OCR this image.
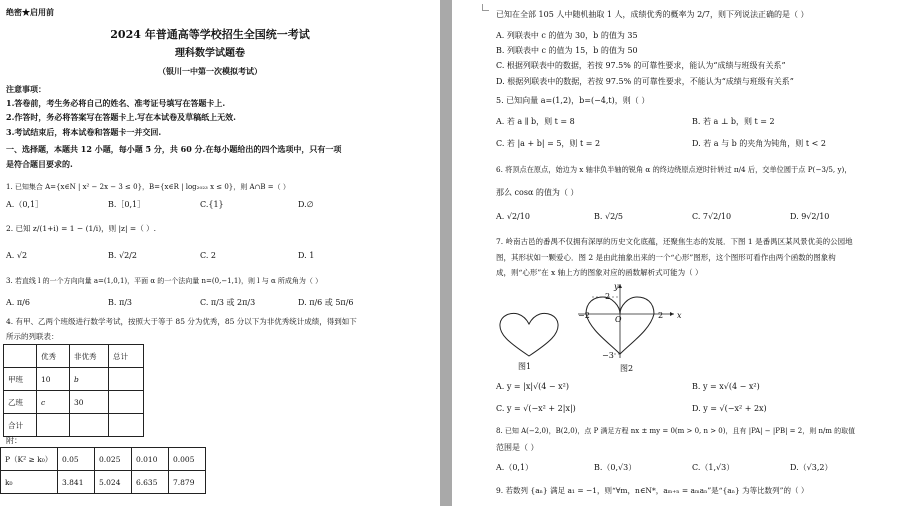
绝密★启用前
2024 年普通高等学校招生全国统一考试
理科数学试题卷
（银川一中第一次模拟考试）
注意事项：
1.答卷前，考生务必将自己的姓名、准考证号填写在答题卡上.
2.作答时，务必将答案写在答题卡上.写在本试卷及草稿纸上无效.
3.考试结束后，将本试卷和答题卡一并交回.
一、选择题，本题共 12 小题，每小题 5 分，共 60 分.在每小题给出的四个选项中，只有一项
是符合题目要求的.
1. 已知集合 A={x∈N | x² − 2x − 3 ≤ 0}，B={x∈R | log₂₀₂₃ x ≤ 0}，则 A∩B =（ ）
A.（0,1］	B.［0,1］	C.{1}	D.∅
2. 已知 z/(1+i) = 1 − (1/i)，则 |z| =（ ）.
A. √2	B. √2/2	C. 2	D. 1
3. 若直线 l 的一个方向向量 a=(1,0,1)，平面 α 的一个法向量 n=(0,−1,1)，则 l 与 α 所成角为（ ）
A. π/6	B. π/3	C. π/3 或 2π/3	D. π/6 或 5π/6
4. 有甲、乙两个班级进行数学考试，按照大于等于 85 分为优秀，85 分以下为非优秀统计成绩，得到如下
所示的列联表：
	优秀	非优秀	总计
甲班	10	b	
乙班	c	30	
合计			
附：
P（K² ≥ k₀）	0.05	0.025	0.010	0.005
k₀	3.841	5.024	6.635	7.879
已知在全部 105 人中随机抽取 1 人，成绩优秀的概率为 2/7，则下列说法正确的是（ ）
A. 列联表中 c 的值为 30，b 的值为 35
B. 列联表中 c 的值为 15，b 的值为 50
C. 根据列联表中的数据，若按 97.5% 的可靠性要求，能认为“成绩与班级有关系”
D. 根据列联表中的数据，若按 97.5% 的可靠性要求，不能认为“成绩与班级有关系”
5. 已知向量 a=(1,2)，b=(−4,t)，则（ ）
A. 若 a ∥ b，则 t = 8	B. 若 a ⊥ b，则 t = 2
C. 若 |a + b| = 5，则 t = 2	D. 若 a 与 b 的夹角为钝角，则 t < 2
6. 将顶点在原点，始边为 x 轴非负半轴的锐角 α 的终边绕原点逆时针转过 π/4 后，交单位圆于点 P(−3/5, y)，
那么 cosα 的值为（ ）
A. √2/10	B. √2/5	C. 7√2/10	D. 9√2/10
7. 岭南古邑的番禺不仅拥有深厚的历史文化底蕴，还聚焦生态的发展．下图 1 是番禺区某风景优美的公园地
图，其形状如一颗爱心．图 2 是由此抽象出来的一个“心形”图形，这个图形可看作由两个函数的图象构
成，则“心形”在 x 轴上方的图象对应的函数解析式可能为（ ）
图1
y
x
2
−2	2
O
−3
图2
A. y = |x|√(4 − x²)	B. y = x√(4 − x²)
C. y = √(−x² + 2|x|)	D. y = √(−x² + 2x)
8. 已知 A(−2,0)，B(2,0)，点 P 满足方程 nx ± my = 0(m > 0, n > 0)，且有 |PA| − |PB| = 2，则 n/m 的取值
范围是（ ）
A.（0,1）	B.（0,√3）	C.（1,√3）	D.（√3,2）
9. 若数列 {aₙ} 满足 a₁ = −1，则“∀m，n∈N*，aₘ₊ₙ = aₘaₙ”是“{aₙ} 为等比数列”的（ ）
